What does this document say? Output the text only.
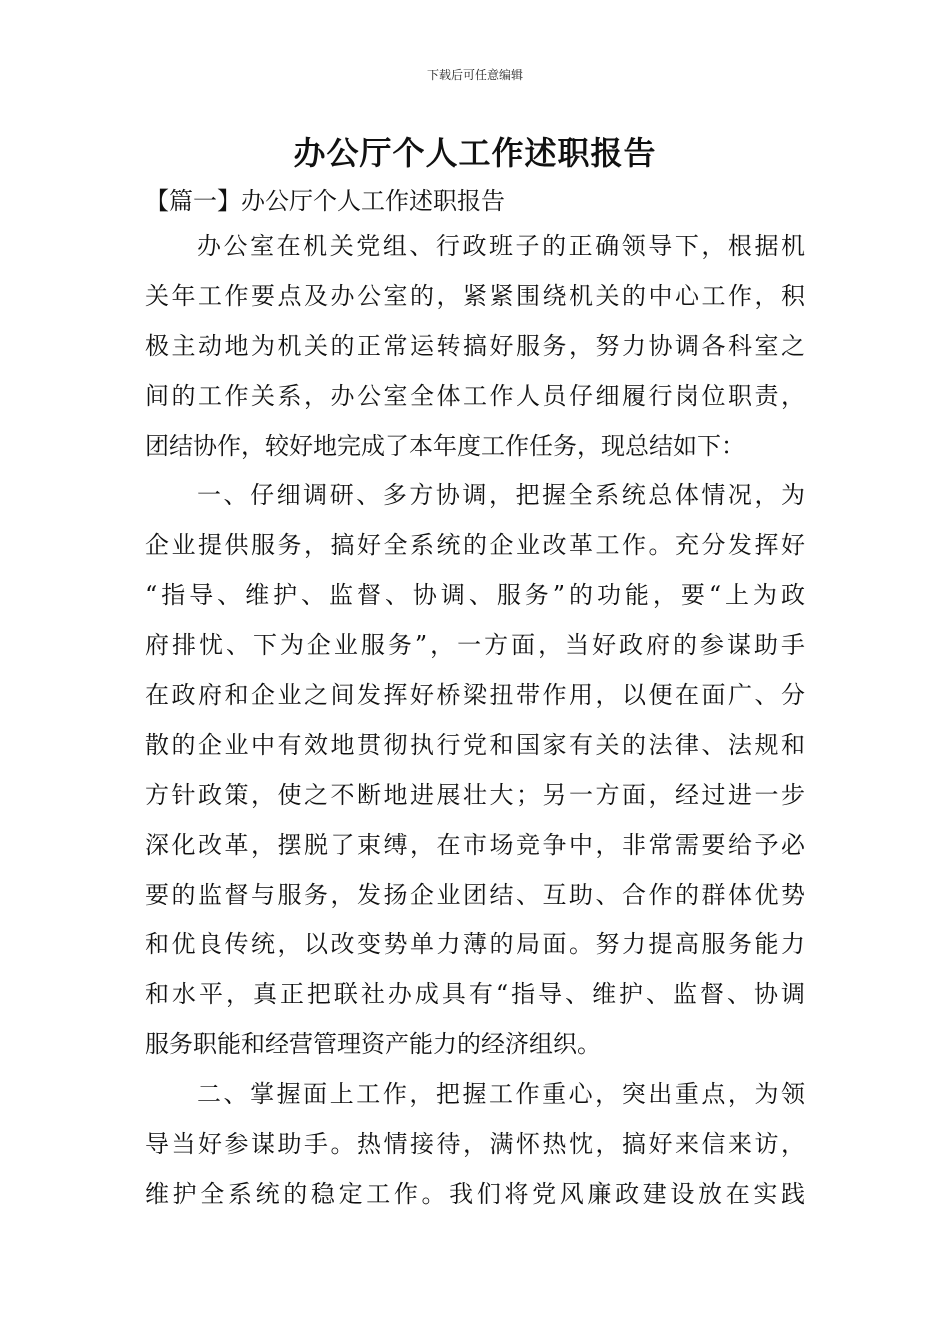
下载后可任意编辑
办公厅个人工作述职报告

【篇一】办公厅个人工作述职报告

办公室在机关党组、行政班子的正确领导下，根据机
关年工作要点及办公室的，紧紧围绕机关的中心工作，积
极主动地为机关的正常运转搞好服务，努力协调各科室之
间的工作关系，办公室全体工作人员仔细履行岗位职责，
团结协作，较好地完成了本年度工作任务，现总结如下：
一、仔细调研、多方协调，把握全系统总体情况，为
企业提供服务，搞好全系统的企业改革工作。充分发挥好
“指导、维护、监督、协调、服务”的功能，要“上为政
府排忧、下为企业服务”，一方面，当好政府的参谋助手
在政府和企业之间发挥好桥梁扭带作用，以便在面广、分
散的企业中有效地贯彻执行党和国家有关的法律、法规和
方针政策，使之不断地进展壮大；另一方面，经过进一步
深化改革，摆脱了束缚，在市场竞争中，非常需要给予必
要的监督与服务，发扬企业团结、互助、合作的群体优势
和优良传统，以改变势单力薄的局面。努力提高服务能力
和水平，真正把联社办成具有“指导、维护、监督、协调
服务职能和经营管理资产能力的经济组织。
二、掌握面上工作，把握工作重心，突出重点，为领
导当好参谋助手。热情接待，满怀热忱，搞好来信来访，
维护全系统的稳定工作。我们将党风廉政建设放在实践
